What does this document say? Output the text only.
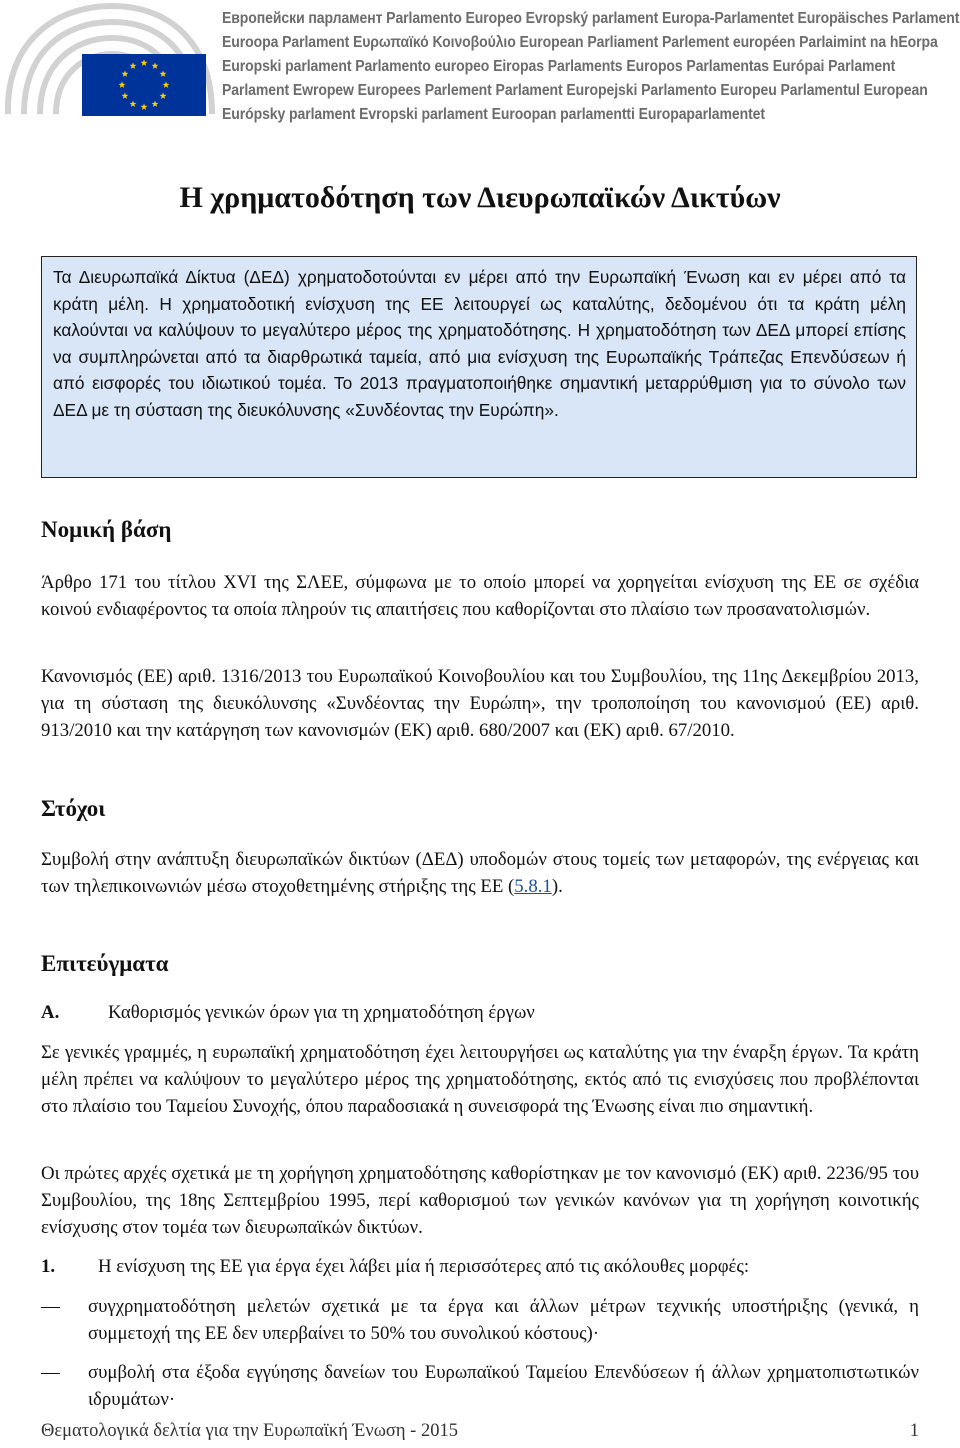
Европейски парламент Parlamento Europeo Evropský parlament Europa-Parlamentet Europäisches Parlament
Euroopa Parlament Ευρωπαϊκό Κοινοβούλιο European Parliament Parlement européen Parlaimint na hEorpa
Europski parlament Parlamento europeo Eiropas Parlaments Europos Parlamentas Európai Parlament
Parlament Ewropew Europees Parlement Parlament Europejski Parlamento Europeu Parlamentul European
Európsky parlament Evropski parlament Euroopan parlamentti Europaparlamentet
Η χρηματοδότηση των Διευρωπαϊκών Δικτύων
Τα Διευρωπαϊκά Δίκτυα (ΔΕΔ) χρηματοδοτούνται εν μέρει από την Ευρωπαϊκή Ένωση και εν μέρει από τα κράτη μέλη. Η χρηματοδοτική ενίσχυση της ΕΕ λειτουργεί ως καταλύτης, δεδομένου ότι τα κράτη μέλη καλούνται να καλύψουν το μεγαλύτερο μέρος της χρηματοδότησης. Η χρηματοδότηση των ΔΕΔ μπορεί επίσης να συμπληρώνεται από τα διαρθρωτικά ταμεία, από μια ενίσχυση της Ευρωπαϊκής Τράπεζας Επενδύσεων ή από εισφορές του ιδιωτικού τομέα. Το 2013 πραγματοποιήθηκε σημαντική μεταρρύθμιση για το σύνολο των ΔΕΔ με τη σύσταση της διευκόλυνσης «Συνδέοντας την Ευρώπη».
Νομική βάση

Άρθρο 171 του τίτλου XVI της ΣΛΕΕ, σύμφωνα με το οποίο μπορεί να χορηγείται ενίσχυση της ΕΕ σε σχέδια κοινού ενδιαφέροντος τα οποία πληρούν τις απαιτήσεις που καθορίζονται στο πλαίσιο των προσανατολισμών.

Κανονισμός (ΕΕ) αριθ. 1316/2013 του Ευρωπαϊκού Κοινοβουλίου και του Συμβουλίου, της 11ης Δεκεμβρίου 2013, για τη σύσταση της διευκόλυνσης «Συνδέοντας την Ευρώπη», την τροποποίηση του κανονισμού (ΕΕ) αριθ. 913/2010 και την κατάργηση των κανονισμών (ΕΚ) αριθ. 680/2007 και (ΕΚ) αριθ. 67/2010.

Στόχοι

Συμβολή στην ανάπτυξη διευρωπαϊκών δικτύων (ΔΕΔ) υποδομών στους τομείς των μεταφορών, της ενέργειας και των τηλεπικοινωνιών μέσω στοχοθετημένης στήριξης της ΕΕ (5.8.1).

Επιτεύγματα
A.	Καθορισμός γενικών όρων για τη χρηματοδότηση έργων

Σε γενικές γραμμές, η ευρωπαϊκή χρηματοδότηση έχει λειτουργήσει ως καταλύτης για την έναρξη έργων. Τα κράτη μέλη πρέπει να καλύψουν το μεγαλύτερο μέρος της χρηματοδότησης, εκτός από τις ενισχύσεις που προβλέπονται στο πλαίσιο του Ταμείου Συνοχής, όπου παραδοσιακά η συνεισφορά της Ένωσης είναι πιο σημαντική.

Οι πρώτες αρχές σχετικά με τη χορήγηση χρηματοδότησης καθορίστηκαν με τον κανονισμό (ΕΚ) αριθ. 2236/95 του Συμβουλίου, της 18ης Σεπτεμβρίου 1995, περί καθορισμού των γενικών κανόνων για τη χορήγηση κοινοτικής ενίσχυσης στον τομέα των διευρωπαϊκών δικτύων.

1. Η ενίσχυση της ΕΕ για έργα έχει λάβει μία ή περισσότερες από τις ακόλουθες μορφές:
— συγχρηματοδότηση μελετών σχετικά με τα έργα και άλλων μέτρων τεχνικής υποστήριξης (γενικά, η συμμετοχή της ΕΕ δεν υπερβαίνει το 50% του συνολικού κόστους)·

— συμβολή στα έξοδα εγγύησης δανείων του Ευρωπαϊκού Ταμείου Επενδύσεων ή άλλων χρηματοπιστωτικών ιδρυμάτων·

Θεματολογικά δελτία για την Ευρωπαϊκή Ένωση - 2015	1
